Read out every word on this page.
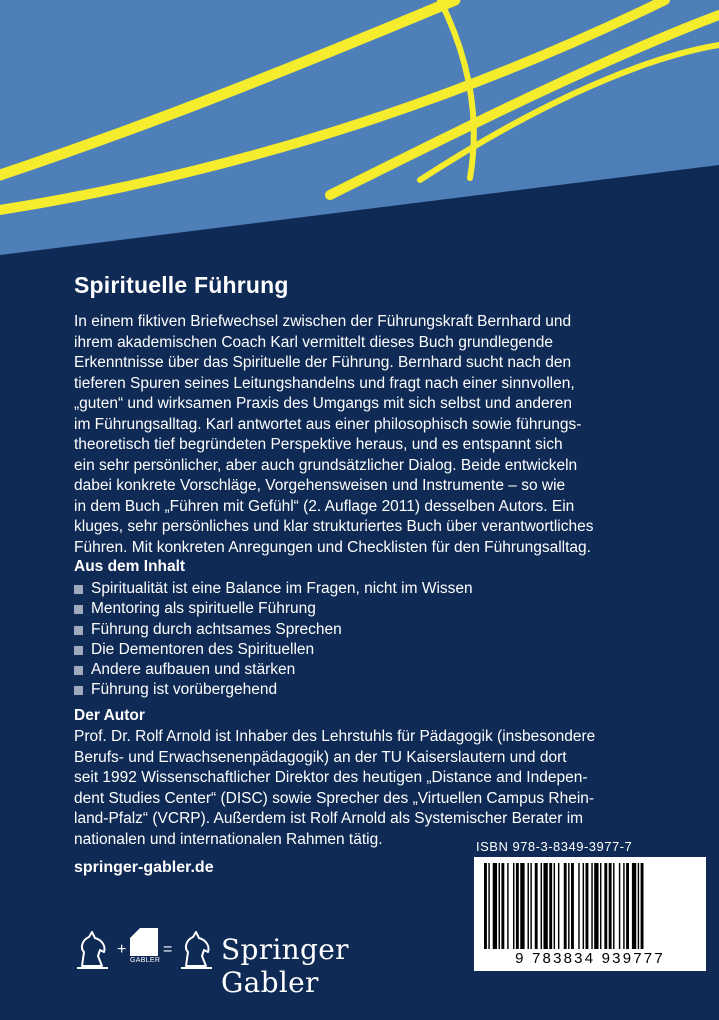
Spirituelle Führung

In einem fiktiven Briefwechsel zwischen der Führungskraft Bernhard und
ihrem akademischen Coach Karl vermittelt dieses Buch grundlegende
Erkenntnisse über das Spirituelle der Führung. Bernhard sucht nach den
tieferen Spuren seines Leitungshandelns und fragt nach einer sinnvollen,
„guten“ und wirksamen Praxis des Umgangs mit sich selbst und anderen
im Führungsalltag. Karl antwortet aus einer philosophisch sowie führungs-
theoretisch tief begründeten Perspektive heraus, und es entspannt sich
ein sehr persönlicher, aber auch grundsätzlicher Dialog. Beide entwickeln
dabei konkrete Vorschläge, Vorgehensweisen und Instrumente – so wie
in dem Buch „Führen mit Gefühl“ (2. Auflage 2011) desselben Autors. Ein
kluges, sehr persönliches und klar strukturiertes Buch über verantwortliches
Führen. Mit konkreten Anregungen und Checklisten für den Führungsalltag.

Aus dem Inhalt
Spiritualität ist eine Balance im Fragen, nicht im Wissen
Mentoring als spirituelle Führung
Führung durch achtsames Sprechen
Die Dementoren des Spirituellen
Andere aufbauen und stärken
Führung ist vorübergehend
Der Autor

Prof. Dr. Rolf Arnold ist Inhaber des Lehrstuhls für Pädagogik (insbesondere
Berufs- und Erwachsenenpädagogik) an der TU Kaiserslautern und dort
seit 1992 Wissenschaftlicher Direktor des heutigen „Distance and Indepen-
dent Studies Center“ (DISC) sowie Sprecher des „Virtuellen Campus Rhein-
land-Pfalz“ (VCRP). Außerdem ist Rolf Arnold als Systemischer Berater im
nationalen und internationalen Rahmen tätig.

springer-gabler.de
ISBN 978-3-8349-3977-7
9 783834 939777
+
GABLER
= Springer Gabler
